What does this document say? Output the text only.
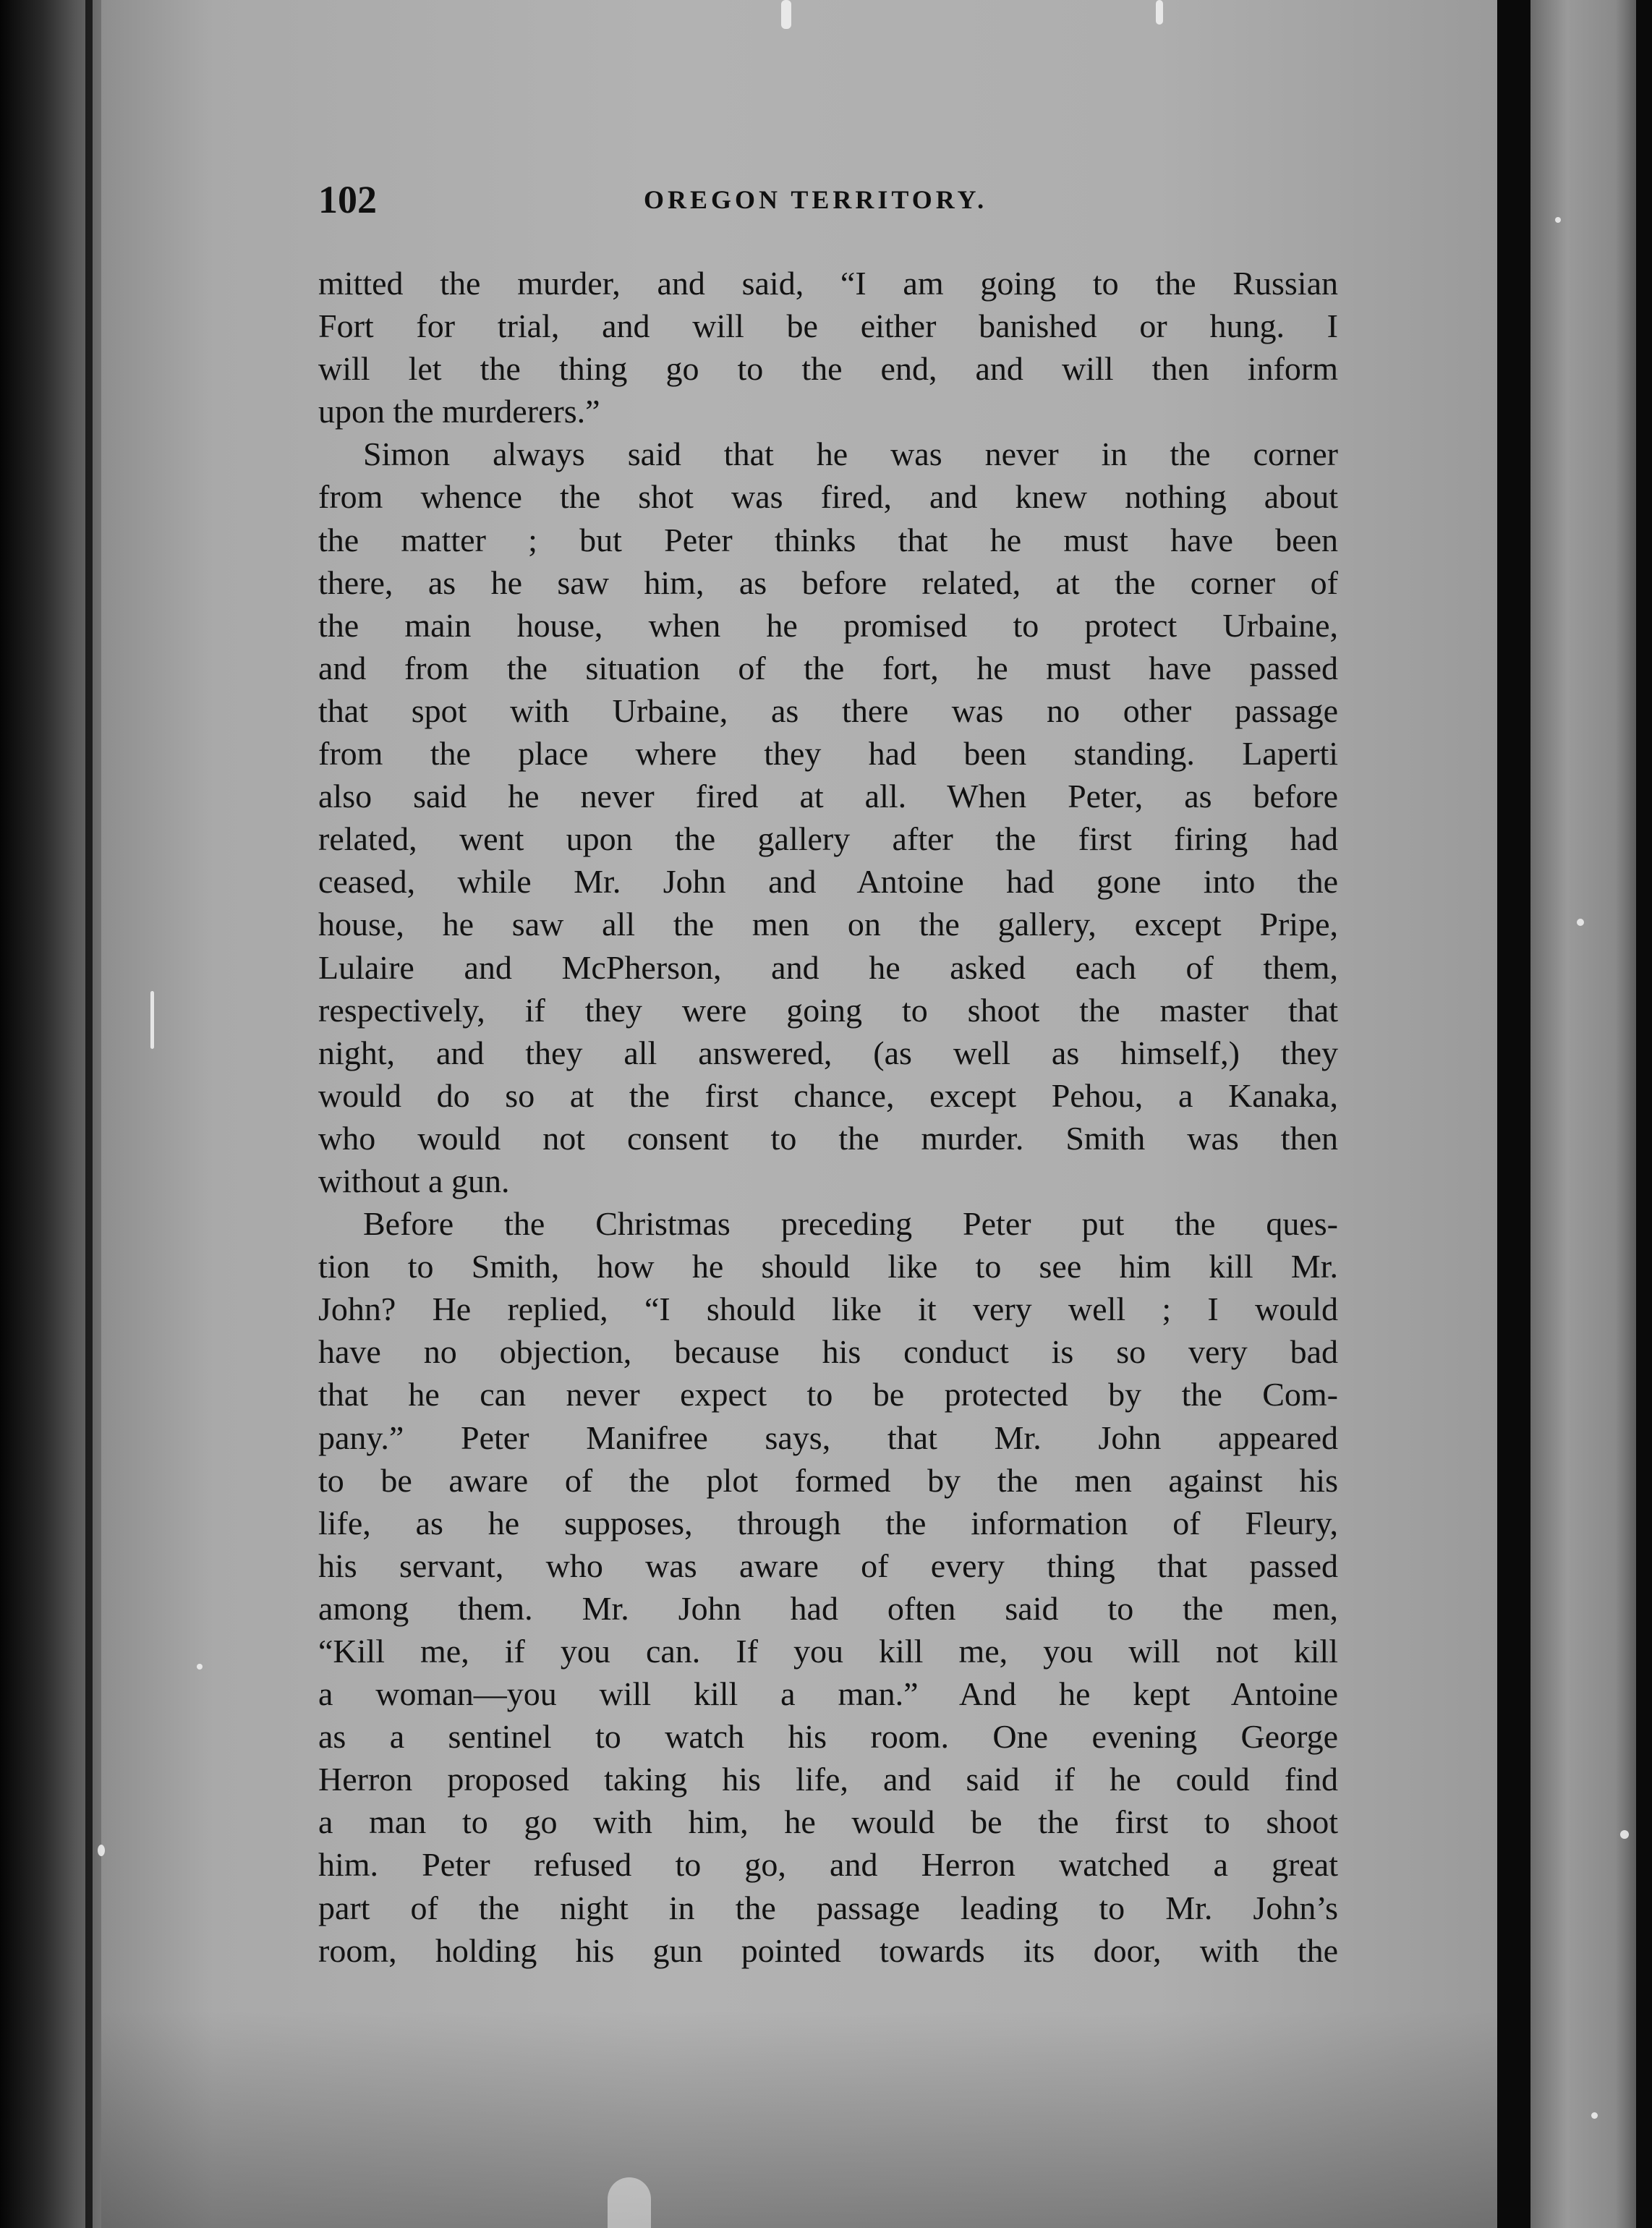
102	OREGON TERRITORY.
mitted the murder, and said, “I am going to the Russian
Fort for trial, and will be either banished or hung. I
will let the thing go to the end, and will then inform
upon the murderers.”
Simon always said that he was never in the corner
from whence the shot was fired, and knew nothing about
the matter ; but Peter thinks that he must have been
there, as he saw him, as before related, at the corner of
the main house, when he promised to protect Urbaine,
and from the situation of the fort, he must have passed
that spot with Urbaine, as there was no other passage
from the place where they had been standing. Laperti
also said he never fired at all. When Peter, as before
related, went upon the gallery after the first firing had
ceased, while Mr. John and Antoine had gone into the
house, he saw all the men on the gallery, except Pripe,
Lulaire and McPherson, and he asked each of them,
respectively, if they were going to shoot the master that
night, and they all answered, (as well as himself,) they
would do so at the first chance, except Pehou, a Kanaka,
who would not consent to the murder. Smith was then
without a gun.
Before the Christmas preceding Peter put the ques-
tion to Smith, how he should like to see him kill Mr.
John? He replied, “I should like it very well ; I would
have no objection, because his conduct is so very bad
that he can never expect to be protected by the Com-
pany.” Peter Manifree says, that Mr. John appeared
to be aware of the plot formed by the men against his
life, as he supposes, through the information of Fleury,
his servant, who was aware of every thing that passed
among them. Mr. John had often said to the men,
“Kill me, if you can. If you kill me, you will not kill
a woman—you will kill a man.” And he kept Antoine
as a sentinel to watch his room. One evening George
Herron proposed taking his life, and said if he could find
a man to go with him, he would be the first to shoot
him. Peter refused to go, and Herron watched a great
part of the night in the passage leading to Mr. John’s
room, holding his gun pointed towards its door, with the
